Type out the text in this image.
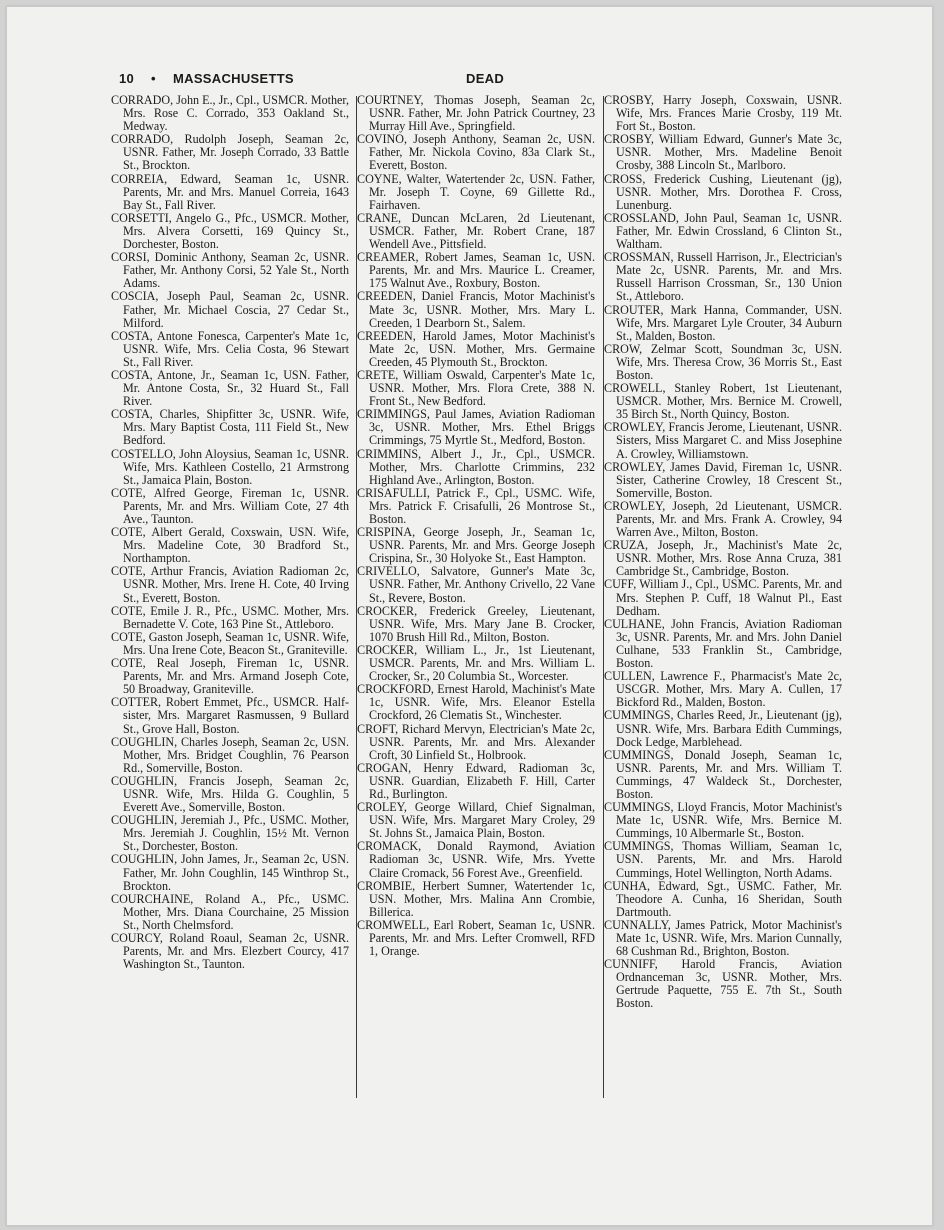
10 • MASSACHUSETTS	DEAD
CORRADO, John E., Jr., Cpl., USMCR. Mother, Mrs. Rose C. Corrado, 353 Oakland St., Medway.
CORRADO, Rudolph Joseph, Seaman 2c, USNR. Father, Mr. Joseph Corrado, 33 Battle St., Brockton.
CORREIA, Edward, Seaman 1c, USNR. Parents, Mr. and Mrs. Manuel Correia, 1643 Bay St., Fall River.
CORSETTI, Angelo G., Pfc., USMCR. Mother, Mrs. Alvera Corsetti, 169 Quincy St., Dorchester, Boston.
CORSI, Dominic Anthony, Seaman 2c, USNR. Father, Mr. Anthony Corsi, 52 Yale St., North Adams.
COSCIA, Joseph Paul, Seaman 2c, USNR. Father, Mr. Michael Coscia, 27 Cedar St., Milford.
COSTA, Antone Fonesca, Carpenter's Mate 1c, USNR. Wife, Mrs. Celia Costa, 96 Stewart St., Fall River.
COSTA, Antone, Jr., Seaman 1c, USN. Father, Mr. Antone Costa, Sr., 32 Huard St., Fall River.
COSTA, Charles, Shipfitter 3c, USNR. Wife, Mrs. Mary Baptist Costa, 111 Field St., New Bedford.
COSTELLO, John Aloysius, Seaman 1c, USNR. Wife, Mrs. Kathleen Costello, 21 Armstrong St., Jamaica Plain, Boston.
COTE, Alfred George, Fireman 1c, USNR. Parents, Mr. and Mrs. William Cote, 27 4th Ave., Taunton.
COTE, Albert Gerald, Coxswain, USN. Wife, Mrs. Madeline Cote, 30 Bradford St., Northampton.
COTE, Arthur Francis, Aviation Radioman 2c, USNR. Mother, Mrs. Irene H. Cote, 40 Irving St., Everett, Boston.
COTE, Emile J. R., Pfc., USMC. Mother, Mrs. Bernadette V. Cote, 163 Pine St., Attleboro.
COTE, Gaston Joseph, Seaman 1c, USNR. Wife, Mrs. Una Irene Cote, Beacon St., Graniteville.
COTE, Real Joseph, Fireman 1c, USNR. Parents, Mr. and Mrs. Armand Joseph Cote, 50 Broadway, Graniteville.
COTTER, Robert Emmet, Pfc., USMCR. Half-sister, Mrs. Margaret Rasmussen, 9 Bullard St., Grove Hall, Boston.
COUGHLIN, Charles Joseph, Seaman 2c, USN. Mother, Mrs. Bridget Coughlin, 76 Pearson Rd., Somerville, Boston.
COUGHLIN, Francis Joseph, Seaman 2c, USNR. Wife, Mrs. Hilda G. Coughlin, 5 Everett Ave., Somerville, Boston.
COUGHLIN, Jeremiah J., Pfc., USMC. Mother, Mrs. Jeremiah J. Coughlin, 15½ Mt. Vernon St., Dorchester, Boston.
COUGHLIN, John James, Jr., Seaman 2c, USN. Father, Mr. John Coughlin, 145 Winthrop St., Brockton.
COURCHAINE, Roland A., Pfc., USMC. Mother, Mrs. Diana Courchaine, 25 Mission St., North Chelmsford.
COURCY, Roland Roaul, Seaman 2c, USNR. Parents, Mr. and Mrs. Elezbert Courcy, 417 Washington St., Taunton.
COURTNEY, Thomas Joseph, Seaman 2c, USNR. Father, Mr. John Patrick Courtney, 23 Murray Hill Ave., Springfield.
COVINO, Joseph Anthony, Seaman 2c, USN. Father, Mr. Nickola Covino, 83a Clark St., Everett, Boston.
COYNE, Walter, Watertender 2c, USN. Father, Mr. Joseph T. Coyne, 69 Gillette Rd., Fairhaven.
CRANE, Duncan McLaren, 2d Lieutenant, USMCR. Father, Mr. Robert Crane, 187 Wendell Ave., Pittsfield.
CREAMER, Robert James, Seaman 1c, USN. Parents, Mr. and Mrs. Maurice L. Creamer, 175 Walnut Ave., Roxbury, Boston.
CREEDEN, Daniel Francis, Motor Machinist's Mate 3c, USNR. Mother, Mrs. Mary L. Creeden, 1 Dearborn St., Salem.
CREEDEN, Harold James, Motor Machinist's Mate 2c, USN. Mother, Mrs. Germaine Creeden, 45 Plymouth St., Brockton.
CRETE, William Oswald, Carpenter's Mate 1c, USNR. Mother, Mrs. Flora Crete, 388 N. Front St., New Bedford.
CRIMMINGS, Paul James, Aviation Radioman 3c, USNR. Mother, Mrs. Ethel Briggs Crimmings, 75 Myrtle St., Medford, Boston.
CRIMMINS, Albert J., Jr., Cpl., USMCR. Mother, Mrs. Charlotte Crimmins, 232 Highland Ave., Arlington, Boston.
CRISAFULLI, Patrick F., Cpl., USMC. Wife, Mrs. Patrick F. Crisafulli, 26 Montrose St., Boston.
CRISPINA, George Joseph, Jr., Seaman 1c, USNR. Parents, Mr. and Mrs. George Joseph Crispina, Sr., 30 Holyoke St., East Hampton.
CRIVELLO, Salvatore, Gunner's Mate 3c, USNR. Father, Mr. Anthony Crivello, 22 Vane St., Revere, Boston.
CROCKER, Frederick Greeley, Lieutenant, USNR. Wife, Mrs. Mary Jane B. Crocker, 1070 Brush Hill Rd., Milton, Boston.
CROCKER, William L., Jr., 1st Lieutenant, USMCR. Parents, Mr. and Mrs. William L. Crocker, Sr., 20 Columbia St., Worcester.
CROCKFORD, Ernest Harold, Machinist's Mate 1c, USNR. Wife, Mrs. Eleanor Estella Crockford, 26 Clematis St., Winchester.
CROFT, Richard Mervyn, Electrician's Mate 2c, USNR. Parents, Mr. and Mrs. Alexander Croft, 30 Linfield St., Holbrook.
CROGAN, Henry Edward, Radioman 3c, USNR. Guardian, Elizabeth F. Hill, Carter Rd., Burlington.
CROLEY, George Willard, Chief Signalman, USN. Wife, Mrs. Margaret Mary Croley, 29 St. Johns St., Jamaica Plain, Boston.
CROMACK, Donald Raymond, Aviation Radioman 3c, USNR. Wife, Mrs. Yvette Claire Cromack, 56 Forest Ave., Greenfield.
CROMBIE, Herbert Sumner, Watertender 1c, USN. Mother, Mrs. Malina Ann Crombie, Billerica.
CROMWELL, Earl Robert, Seaman 1c, USNR. Parents, Mr. and Mrs. Lefter Cromwell, RFD 1, Orange.
CROSBY, Harry Joseph, Coxswain, USNR. Wife, Mrs. Frances Marie Crosby, 119 Mt. Fort St., Boston.
CROSBY, William Edward, Gunner's Mate 3c, USNR. Mother, Mrs. Madeline Benoit Crosby, 388 Lincoln St., Marlboro.
CROSS, Frederick Cushing, Lieutenant (jg), USNR. Mother, Mrs. Dorothea F. Cross, Lunenburg.
CROSSLAND, John Paul, Seaman 1c, USNR. Father, Mr. Edwin Crossland, 6 Clinton St., Waltham.
CROSSMAN, Russell Harrison, Jr., Electrician's Mate 2c, USNR. Parents, Mr. and Mrs. Russell Harrison Crossman, Sr., 130 Union St., Attleboro.
CROUTER, Mark Hanna, Commander, USN. Wife, Mrs. Margaret Lyle Crouter, 34 Auburn St., Malden, Boston.
CROW, Zelmar Scott, Soundman 3c, USN. Wife, Mrs. Theresa Crow, 36 Morris St., East Boston.
CROWELL, Stanley Robert, 1st Lieutenant, USMCR. Mother, Mrs. Bernice M. Crowell, 35 Birch St., North Quincy, Boston.
CROWLEY, Francis Jerome, Lieutenant, USNR. Sisters, Miss Margaret C. and Miss Josephine A. Crowley, Williamstown.
CROWLEY, James David, Fireman 1c, USNR. Sister, Catherine Crowley, 18 Crescent St., Somerville, Boston.
CROWLEY, Joseph, 2d Lieutenant, USMCR. Parents, Mr. and Mrs. Frank A. Crowley, 94 Warren Ave., Milton, Boston.
CRUZA, Joseph, Jr., Machinist's Mate 2c, USNR. Mother, Mrs. Rose Anna Cruza, 381 Cambridge St., Cambridge, Boston.
CUFF, William J., Cpl., USMC. Parents, Mr. and Mrs. Stephen P. Cuff, 18 Walnut Pl., East Dedham.
CULHANE, John Francis, Aviation Radioman 3c, USNR. Parents, Mr. and Mrs. John Daniel Culhane, 533 Franklin St., Cambridge, Boston.
CULLEN, Lawrence F., Pharmacist's Mate 2c, USCGR. Mother, Mrs. Mary A. Cullen, 17 Bickford Rd., Malden, Boston.
CUMMINGS, Charles Reed, Jr., Lieutenant (jg), USNR. Wife, Mrs. Barbara Edith Cummings, Dock Ledge, Marblehead.
CUMMINGS, Donald Joseph, Seaman 1c, USNR. Parents, Mr. and Mrs. William T. Cummings, 47 Waldeck St., Dorchester, Boston.
CUMMINGS, Lloyd Francis, Motor Machinist's Mate 1c, USNR. Wife, Mrs. Bernice M. Cummings, 10 Albermarle St., Boston.
CUMMINGS, Thomas William, Seaman 1c, USN. Parents, Mr. and Mrs. Harold Cummings, Hotel Wellington, North Adams.
CUNHA, Edward, Sgt., USMC. Father, Mr. Theodore A. Cunha, 16 Sheridan, South Dartmouth.
CUNNALLY, James Patrick, Motor Machinist's Mate 1c, USNR. Wife, Mrs. Marion Cunnally, 68 Cushman Rd., Brighton, Boston.
CUNNIFF, Harold Francis, Aviation Ordnanceman 3c, USNR. Mother, Mrs. Gertrude Paquette, 755 E. 7th St., South Boston.
